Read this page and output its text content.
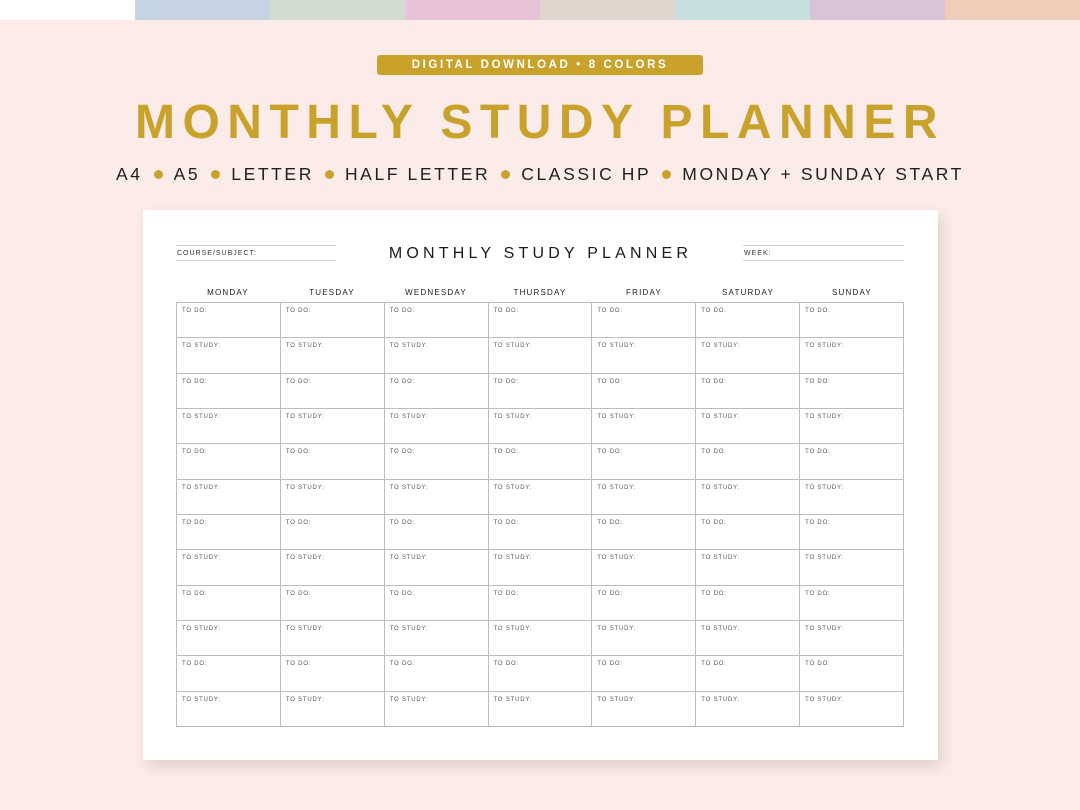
DIGITAL DOWNLOAD • 8 COLORS
MONTHLY STUDY PLANNER
A4 A5 LETTER HALF LETTER CLASSIC HP MONDAY + SUNDAY START
COURSE/SUBJECT:	MONTHLY STUDY PLANNER	WEEK:
MONDAY	TUESDAY	WEDNESDAY	THURSDAY	FRIDAY	SATURDAY	SUNDAY
TO DO:	TO DO:	TO DO:	TO DO:	TO DO:	TO DO:	TO DO:
TO STUDY:	TO STUDY:	TO STUDY:	TO STUDY:	TO STUDY:	TO STUDY:	TO STUDY:
TO DO:	TO DO:	TO DO:	TO DO:	TO DO:	TO DO:	TO DO:
TO STUDY:	TO STUDY:	TO STUDY:	TO STUDY:	TO STUDY:	TO STUDY:	TO STUDY:
TO DO:	TO DO:	TO DO:	TO DO:	TO DO:	TO DO:	TO DO:
TO STUDY:	TO STUDY:	TO STUDY:	TO STUDY:	TO STUDY:	TO STUDY:	TO STUDY:
TO DO:	TO DO:	TO DO:	TO DO:	TO DO:	TO DO:	TO DO:
TO STUDY:	TO STUDY:	TO STUDY:	TO STUDY:	TO STUDY:	TO STUDY:	TO STUDY:
TO DO:	TO DO:	TO DO:	TO DO:	TO DO:	TO DO:	TO DO:
TO STUDY:	TO STUDY:	TO STUDY:	TO STUDY:	TO STUDY:	TO STUDY:	TO STUDY:
TO DO:	TO DO:	TO DO:	TO DO:	TO DO:	TO DO:	TO DO:
TO STUDY:	TO STUDY:	TO STUDY:	TO STUDY:	TO STUDY:	TO STUDY:	TO STUDY:
